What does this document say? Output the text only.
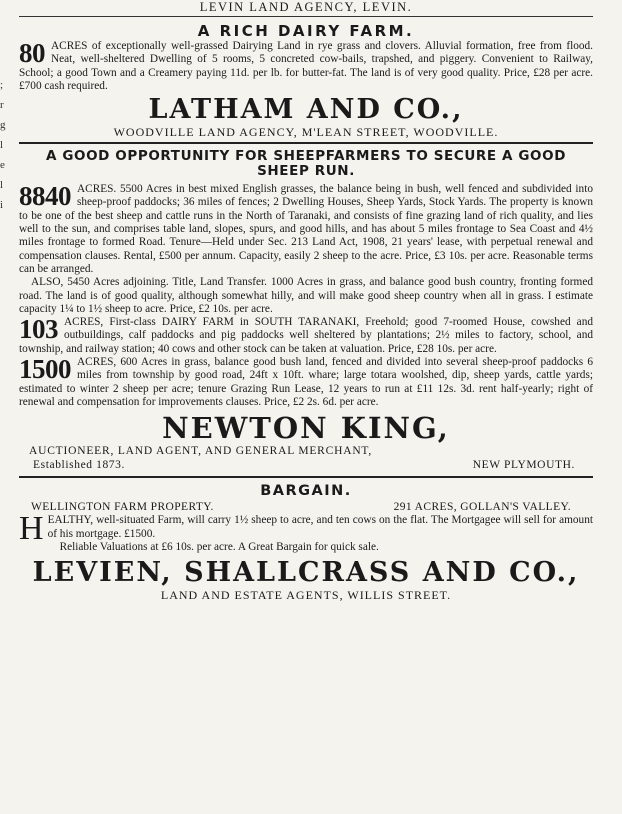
;
r
g
l
e
l
i
LEVIN LAND AGENCY, LEVIN.
A RICH DAIRY FARM.
80 ACRES of exceptionally well-grassed Dairying Land in rye grass and clovers. Alluvial formation, free from flood. Neat, well-sheltered Dwelling of 5 rooms, 5 concreted cow-bails, trapshed, and piggery. Convenient to Railway, School; a good Town and a Creamery paying 11d. per lb. for butter-fat. The land is of very good quality. Price, £28 per acre. £700 cash required.
LATHAM AND CO.,
WOODVILLE LAND AGENCY, M'LEAN STREET, WOODVILLE.
A GOOD OPPORTUNITY FOR SHEEPFARMERS TO SECURE A GOOD SHEEP RUN.
8840 ACRES. 5500 Acres in best mixed English grasses, the balance being in bush, well fenced and subdivided into sheep-proof paddocks; 36 miles of fences; 2 Dwelling Houses, Sheep Yards, Stock Yards. The property is known to be one of the best sheep and cattle runs in the North of Taranaki, and consists of fine grazing land of rich quality, and lies well to the sun, and comprises table land, slopes, spurs, and good hills, and has about 5 miles frontage to Sea Coast and 4½ miles frontage to formed Road. Tenure—Held under Sec. 213 Land Act, 1908, 21 years' lease, with perpetual renewal and compensation clauses. Rental, £500 per annum. Capacity, easily 2 sheep to the acre. Price, £3 10s. per acre. Reasonable terms can be arranged.
ALSO, 5450 Acres adjoining. Title, Land Transfer. 1000 Acres in grass, and balance good bush country, fronting formed road. The land is of good quality, although somewhat hilly, and will make good sheep country when all in grass. I estimate capacity 1¼ to 1½ sheep to acre. Price, £2 10s. per acre.
103 ACRES, First-class DAIRY FARM in SOUTH TARANAKI, Freehold; good 7-roomed House, cowshed and outbuildings, calf paddocks and pig paddocks well sheltered by plantations; 2½ miles to factory, school, and township, and railway station; 40 cows and other stock can be taken at valuation. Price, £28 10s. per acre.
1500 ACRES, 600 Acres in grass, balance good bush land, fenced and divided into several sheep-proof paddocks 6 miles from township by good road, 24ft x 10ft. whare; large totara woolshed, dip, sheep yards, cattle yards; estimated to winter 2 sheep per acre; tenure Grazing Run Lease, 12 years to run at £11 12s. 3d. rent half-yearly; right of renewal and compensation for improvements clauses. Price, £2 2s. 6d. per acre.
NEWTON KING,
AUCTIONEER, LAND AGENT, AND GENERAL MERCHANT,
Established 1873.	NEW PLYMOUTH.
BARGAIN.
WELLINGTON FARM PROPERTY.	291 ACRES, GOLLAN'S VALLEY.
H EALTHY, well-situated Farm, will carry 1½ sheep to acre, and ten cows on the flat. The Mortgagee will sell for amount of his mortgage. £1500.
Reliable Valuations at £6 10s. per acre. A Great Bargain for quick sale.
LEVIEN, SHALLCRASS AND CO.,
LAND AND ESTATE AGENTS, WILLIS STREET.
